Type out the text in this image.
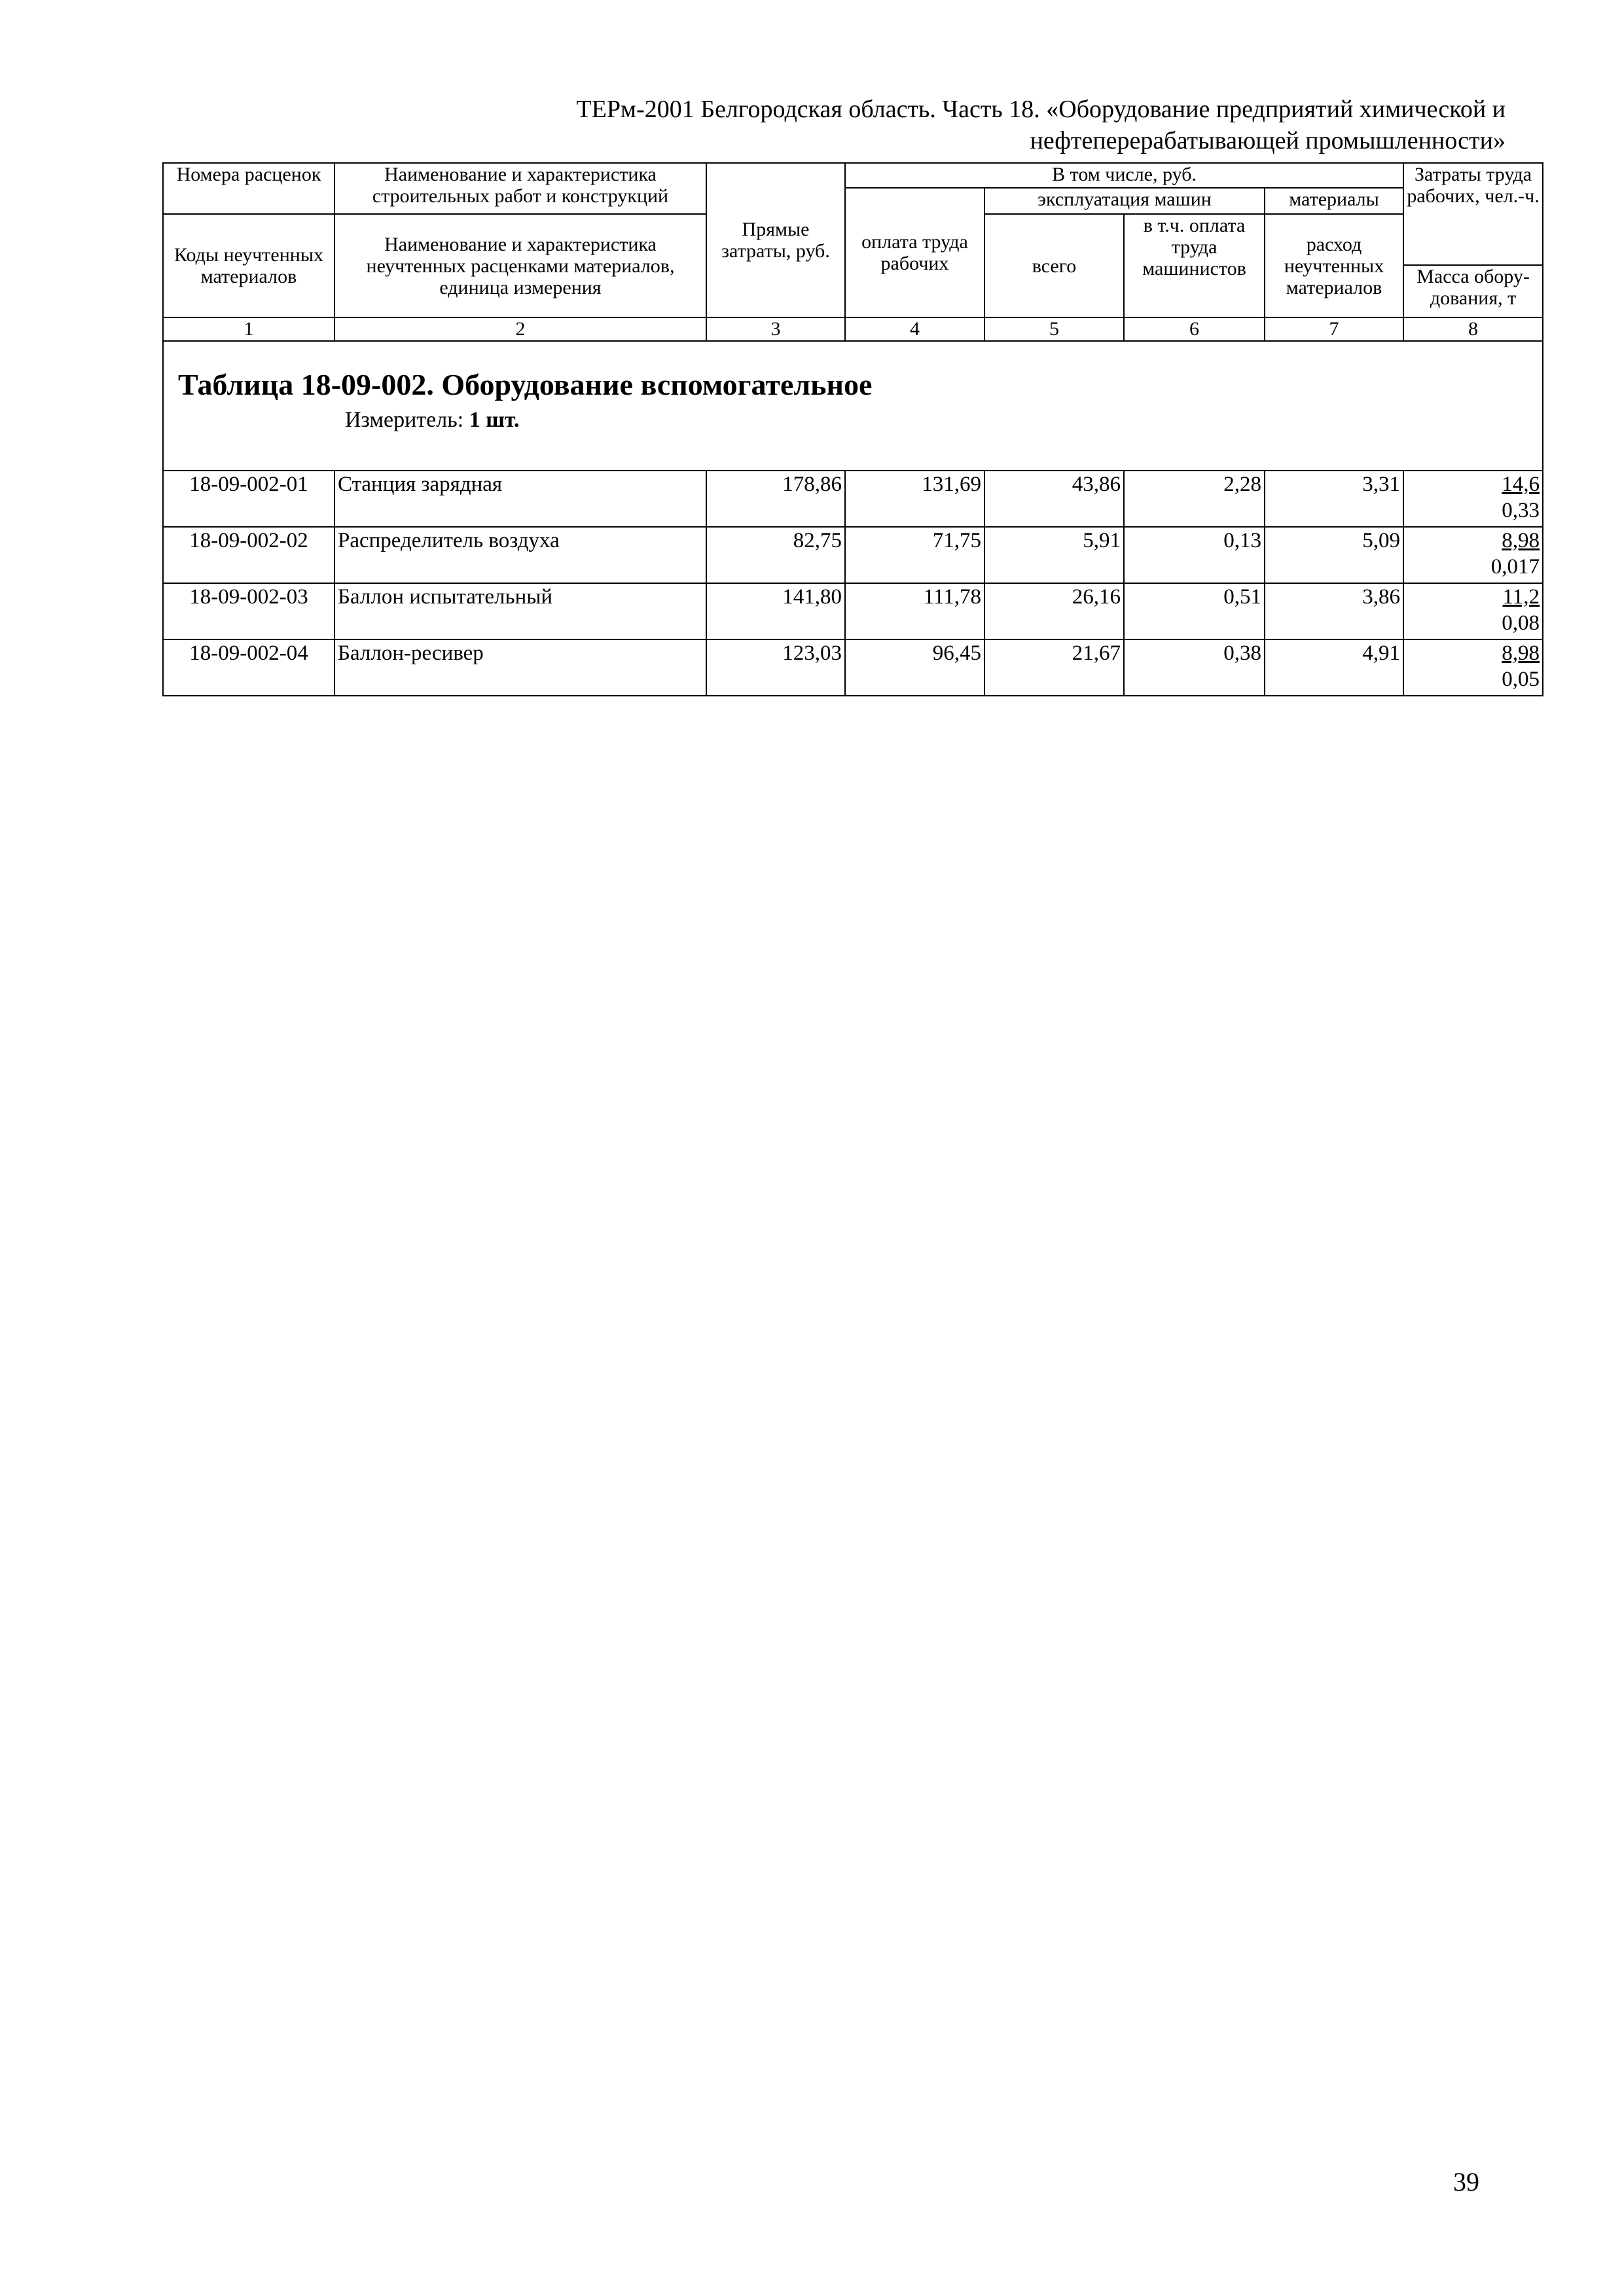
ТЕРм-2001 Белгородская область. Часть 18. «Оборудование предприятий химической и
нефтеперерабатывающей промышленности»
Номера расценок	Наименование и характеристика строительных работ и конструкций	Прямые затраты, руб.	В том числе, руб.				Затраты труда рабочих, чел.-ч.
			оплата труда рабочих	эксплуатация машин		материалы	
Коды неучтенных материалов	Наименование и характеристика неучтенных расценками материалов, единица измерения			всего	в т.ч. оплата труда машинистов	расход неучтенных материалов	
							Масса обору-дования, т
1	2	3	4	5	6	7	8

Таблица 18-09-002. Оборудование вспомогательное
Измеритель: 1 шт.							

18-09-002-01	Станция зарядная	178,86	131,69	43,86	2,28	3,31	14,6
0,33

18-09-002-02	Распределитель воздуха	82,75	71,75	5,91	0,13	5,09	8,98
0,017

18-09-002-03	Баллон испытательный	141,80	111,78	26,16	0,51	3,86	11,2
0,08

18-09-002-04	Баллон-ресивер	123,03	96,45	21,67	0,38	4,91	8,98
0,05
39
